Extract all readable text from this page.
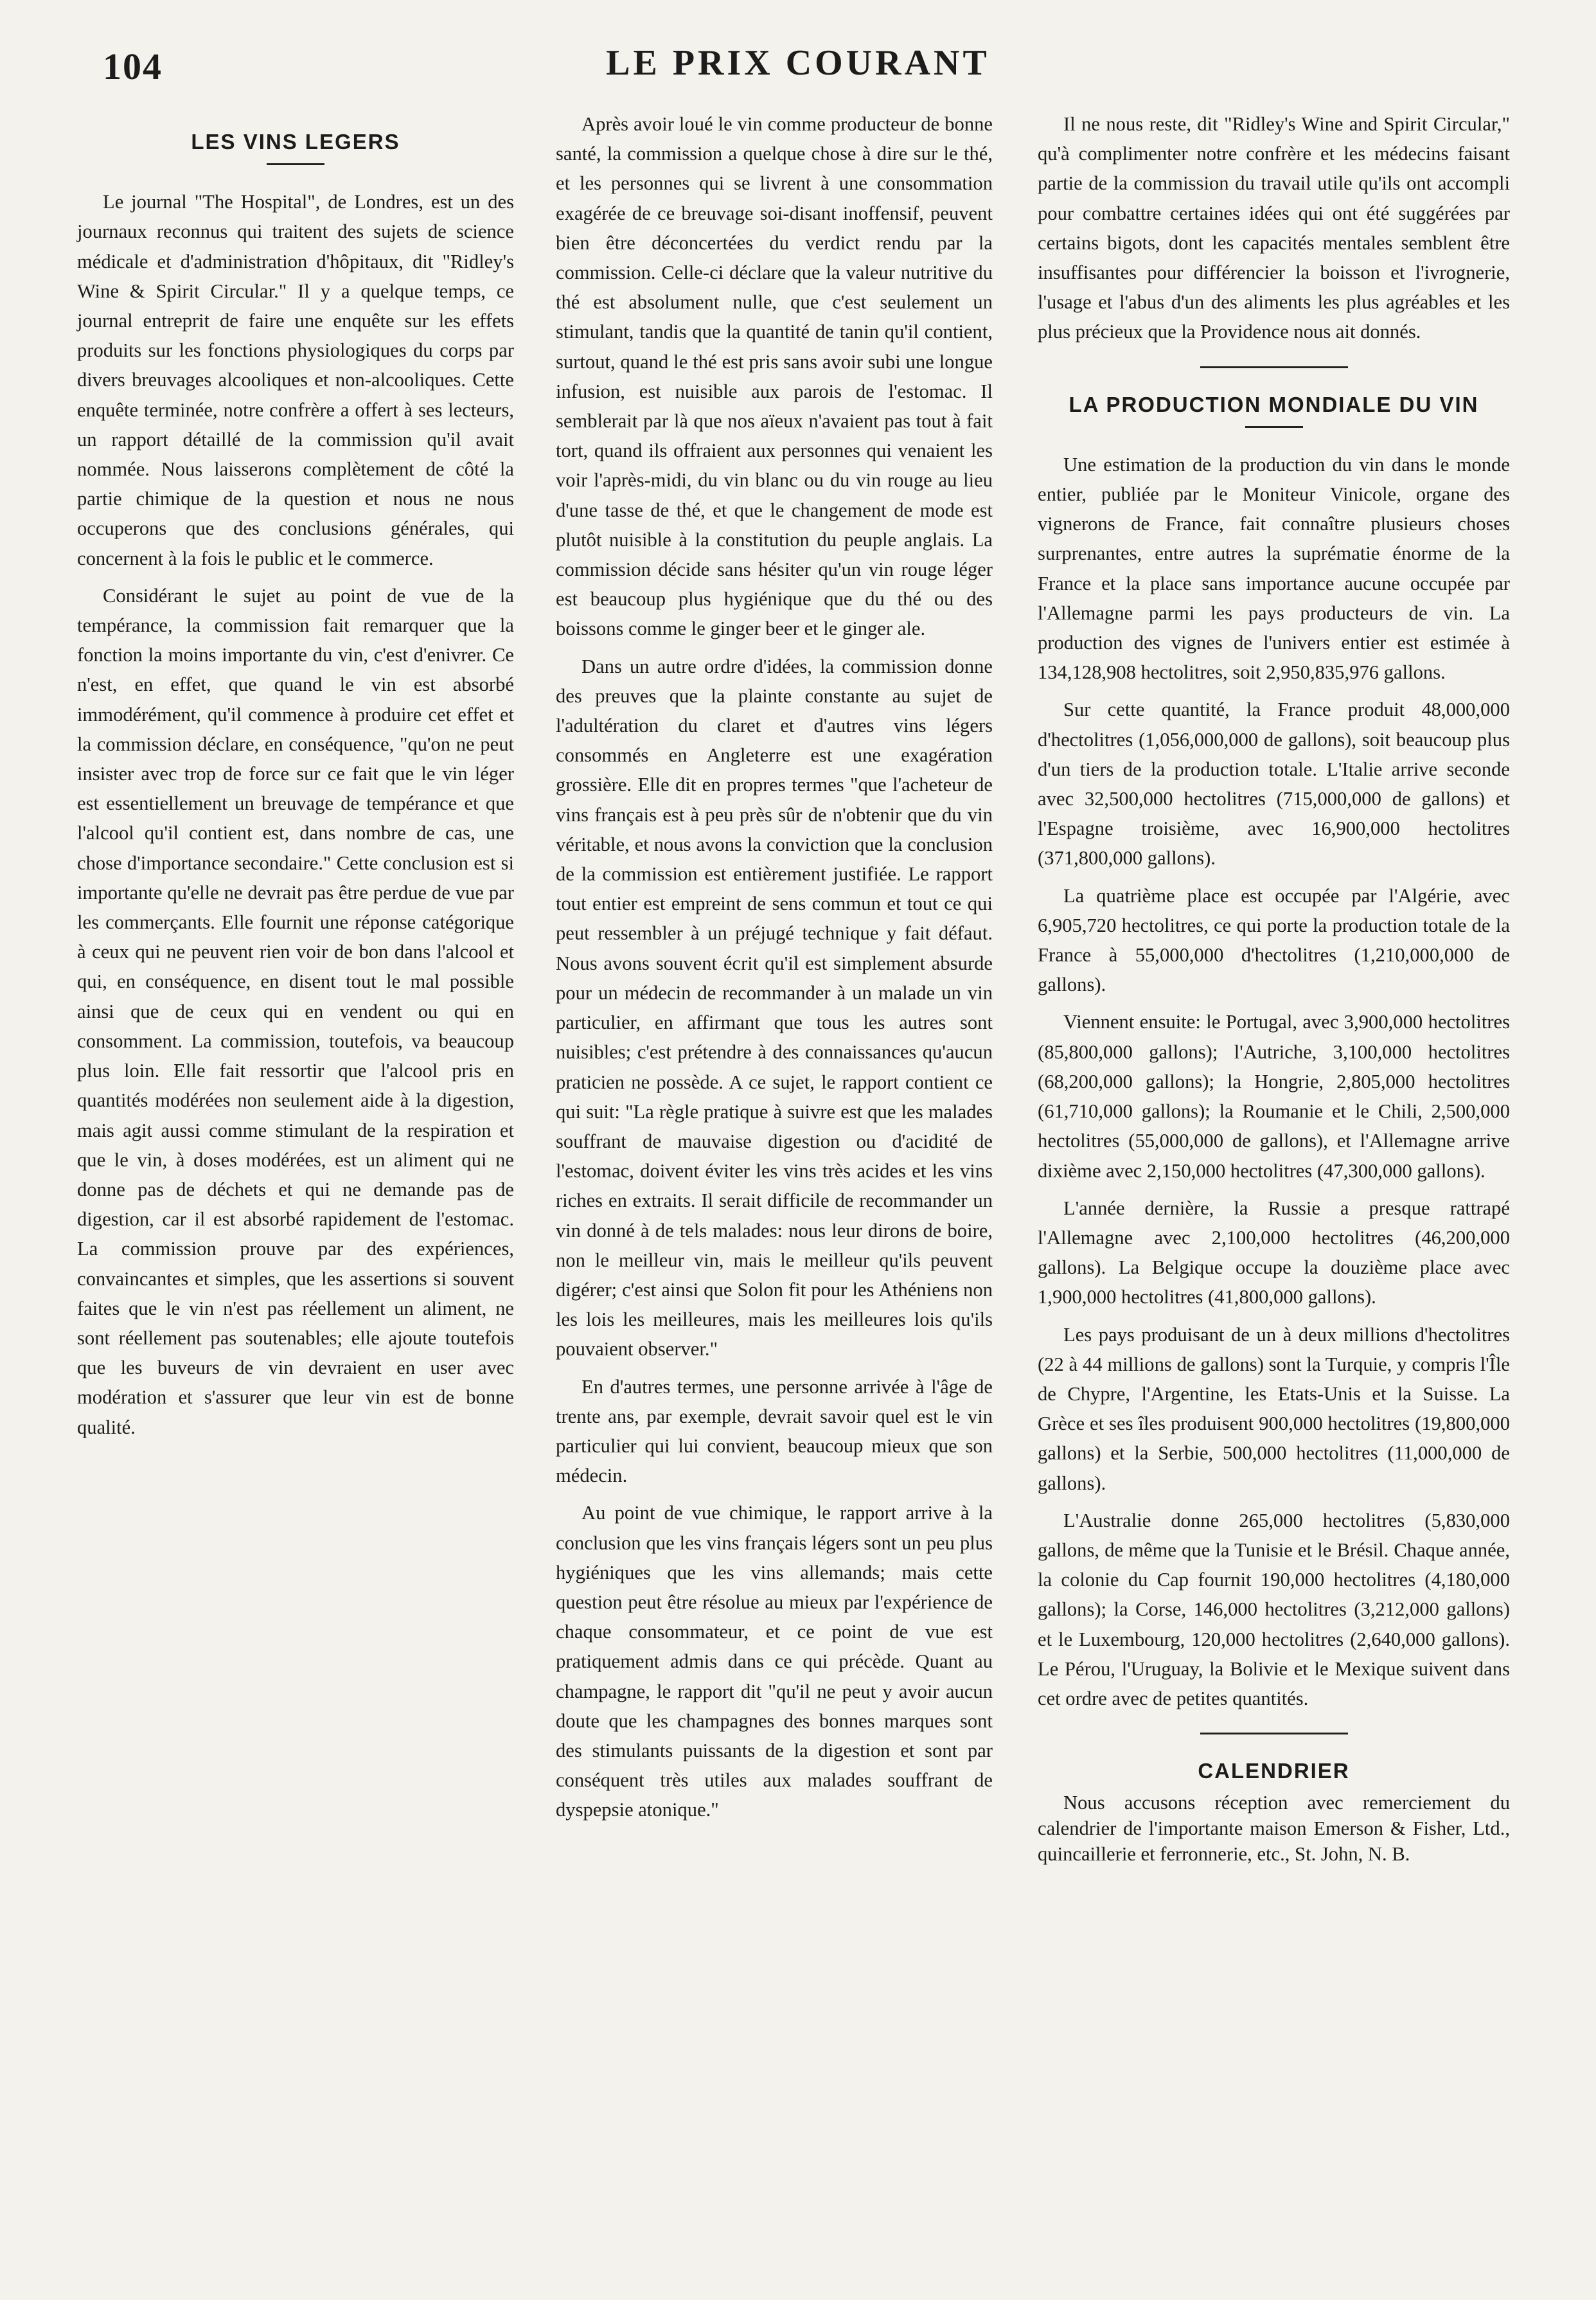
104	LE PRIX COURANT
LES VINS LEGERS

Le journal "The Hospital", de Londres, est un des journaux reconnus qui traitent des sujets de science médicale et d'administration d'hôpitaux, dit "Ridley's Wine & Spirit Circular." Il y a quelque temps, ce journal entreprit de faire une enquête sur les effets produits sur les fonctions physiologiques du corps par divers breuvages alcooliques et non-alcooliques. Cette enquête terminée, notre confrère a offert à ses lecteurs, un rapport détaillé de la commission qu'il avait nommée. Nous laisserons complètement de côté la partie chimique de la question et nous ne nous occuperons que des conclusions générales, qui concernent à la fois le public et le commerce.

Considérant le sujet au point de vue de la tempérance, la commission fait remarquer que la fonction la moins importante du vin, c'est d'enivrer. Ce n'est, en effet, que quand le vin est absorbé immodérément, qu'il commence à produire cet effet et la commission déclare, en conséquence, "qu'on ne peut insister avec trop de force sur ce fait que le vin léger est essentiellement un breuvage de tempérance et que l'alcool qu'il contient est, dans nombre de cas, une chose d'importance secondaire." Cette conclusion est si importante qu'elle ne devrait pas être perdue de vue par les commerçants. Elle fournit une réponse catégorique à ceux qui ne peuvent rien voir de bon dans l'alcool et qui, en conséquence, en disent tout le mal possible ainsi que de ceux qui en vendent ou qui en consomment. La commission, toutefois, va beaucoup plus loin. Elle fait ressortir que l'alcool pris en quantités modérées non seulement aide à la digestion, mais agit aussi comme stimulant de la respiration et que le vin, à doses modérées, est un aliment qui ne donne pas de déchets et qui ne demande pas de digestion, car il est absorbé rapidement de l'estomac. La commission prouve par des expériences, convaincantes et simples, que les assertions si souvent faites que le vin n'est pas réellement un aliment, ne sont réellement pas soutenables; elle ajoute toutefois que les buveurs de vin devraient en user avec modération et s'assurer que leur vin est de bonne qualité.

Après avoir loué le vin comme producteur de bonne santé, la commission a quelque chose à dire sur le thé, et les personnes qui se livrent à une consommation exagérée de ce breuvage soi-disant inoffensif, peuvent bien être déconcertées du verdict rendu par la commission. Celle-ci déclare que la valeur nutritive du thé est absolument nulle, que c'est seulement un stimulant, tandis que la quantité de tanin qu'il contient, surtout, quand le thé est pris sans avoir subi une longue infusion, est nuisible aux parois de l'estomac. Il semblerait par là que nos aïeux n'avaient pas tout à fait tort, quand ils offraient aux personnes qui venaient les voir l'après-midi, du vin blanc ou du vin rouge au lieu d'une tasse de thé, et que le changement de mode est plutôt nuisible à la constitution du peuple anglais. La commission décide sans hésiter qu'un vin rouge léger est beaucoup plus hygiénique que du thé ou des boissons comme le ginger beer et le ginger ale.

Dans un autre ordre d'idées, la commission donne des preuves que la plainte constante au sujet de l'adultération du claret et d'autres vins légers consommés en Angleterre est une exagération grossière. Elle dit en propres termes "que l'acheteur de vins français est à peu près sûr de n'obtenir que du vin véritable, et nous avons la conviction que la conclusion de la commission est entièrement justifiée. Le rapport tout entier est empreint de sens commun et tout ce qui peut ressembler à un préjugé technique y fait défaut. Nous avons souvent écrit qu'il est simplement absurde pour un médecin de recommander à un malade un vin particulier, en affirmant que tous les autres sont nuisibles; c'est prétendre à des connaissances qu'aucun praticien ne possède. A ce sujet, le rapport contient ce qui suit: "La règle pratique à suivre est que les malades souffrant de mauvaise digestion ou d'acidité de l'estomac, doivent éviter les vins très acides et les vins riches en extraits. Il serait difficile de recommander un vin donné à de tels malades: nous leur dirons de boire, non le meilleur vin, mais le meilleur qu'ils peuvent digérer; c'est ainsi que Solon fit pour les Athéniens non les lois les meilleures, mais les meilleures lois qu'ils pouvaient observer."

En d'autres termes, une personne arrivée à l'âge de trente ans, par exemple, devrait savoir quel est le vin particulier qui lui convient, beaucoup mieux que son médecin.

Au point de vue chimique, le rapport arrive à la conclusion que les vins français légers sont un peu plus hygiéniques que les vins allemands; mais cette question peut être résolue au mieux par l'expérience de chaque consommateur, et ce point de vue est pratiquement admis dans ce qui précède. Quant au champagne, le rapport dit "qu'il ne peut y avoir aucun doute que les champagnes des bonnes marques sont des stimulants puissants de la digestion et sont par conséquent très utiles aux malades souffrant de dyspepsie atonique."

Il ne nous reste, dit "Ridley's Wine and Spirit Circular," qu'à complimenter notre confrère et les médecins faisant partie de la commission du travail utile qu'ils ont accompli pour combattre certaines idées qui ont été suggérées par certains bigots, dont les capacités mentales semblent être insuffisantes pour différencier la boisson et l'ivrognerie, l'usage et l'abus d'un des aliments les plus agréables et les plus précieux que la Providence nous ait donnés.

LA PRODUCTION MONDIALE DU VIN

Une estimation de la production du vin dans le monde entier, publiée par le Moniteur Vinicole, organe des vignerons de France, fait connaître plusieurs choses surprenantes, entre autres la suprématie énorme de la France et la place sans importance aucune occupée par l'Allemagne parmi les pays producteurs de vin. La production des vignes de l'univers entier est estimée à 134,128,908 hectolitres, soit 2,950,835,976 gallons.

Sur cette quantité, la France produit 48,000,000 d'hectolitres (1,056,000,000 de gallons), soit beaucoup plus d'un tiers de la production totale. L'Italie arrive seconde avec 32,500,000 hectolitres (715,000,000 de gallons) et l'Espagne troisième, avec 16,900,000 hectolitres (371,800,000 gallons).

La quatrième place est occupée par l'Algérie, avec 6,905,720 hectolitres, ce qui porte la production totale de la France à 55,000,000 d'hectolitres (1,210,000,000 de gallons).

Viennent ensuite: le Portugal, avec 3,900,000 hectolitres (85,800,000 gallons); l'Autriche, 3,100,000 hectolitres (68,200,000 gallons); la Hongrie, 2,805,000 hectolitres (61,710,000 gallons); la Roumanie et le Chili, 2,500,000 hectolitres (55,000,000 de gallons), et l'Allemagne arrive dixième avec 2,150,000 hectolitres (47,300,000 gallons).

L'année dernière, la Russie a presque rattrapé l'Allemagne avec 2,100,000 hectolitres (46,200,000 gallons). La Belgique occupe la douzième place avec 1,900,000 hectolitres (41,800,000 gallons).

Les pays produisant de un à deux millions d'hectolitres (22 à 44 millions de gallons) sont la Turquie, y compris l'Île de Chypre, l'Argentine, les Etats-Unis et la Suisse. La Grèce et ses îles produisent 900,000 hectolitres (19,800,000 gallons) et la Serbie, 500,000 hectolitres (11,000,000 de gallons).

L'Australie donne 265,000 hectolitres (5,830,000 gallons, de même que la Tunisie et le Brésil. Chaque année, la colonie du Cap fournit 190,000 hectolitres (4,180,000 gallons); la Corse, 146,000 hectolitres (3,212,000 gallons) et le Luxembourg, 120,000 hectolitres (2,640,000 gallons). Le Pérou, l'Uruguay, la Bolivie et le Mexique suivent dans cet ordre avec de petites quantités.

CALENDRIER

Nous accusons réception avec remerciement du calendrier de l'importante maison Emerson & Fisher, Ltd., quincaillerie et ferronnerie, etc., St. John, N. B.
